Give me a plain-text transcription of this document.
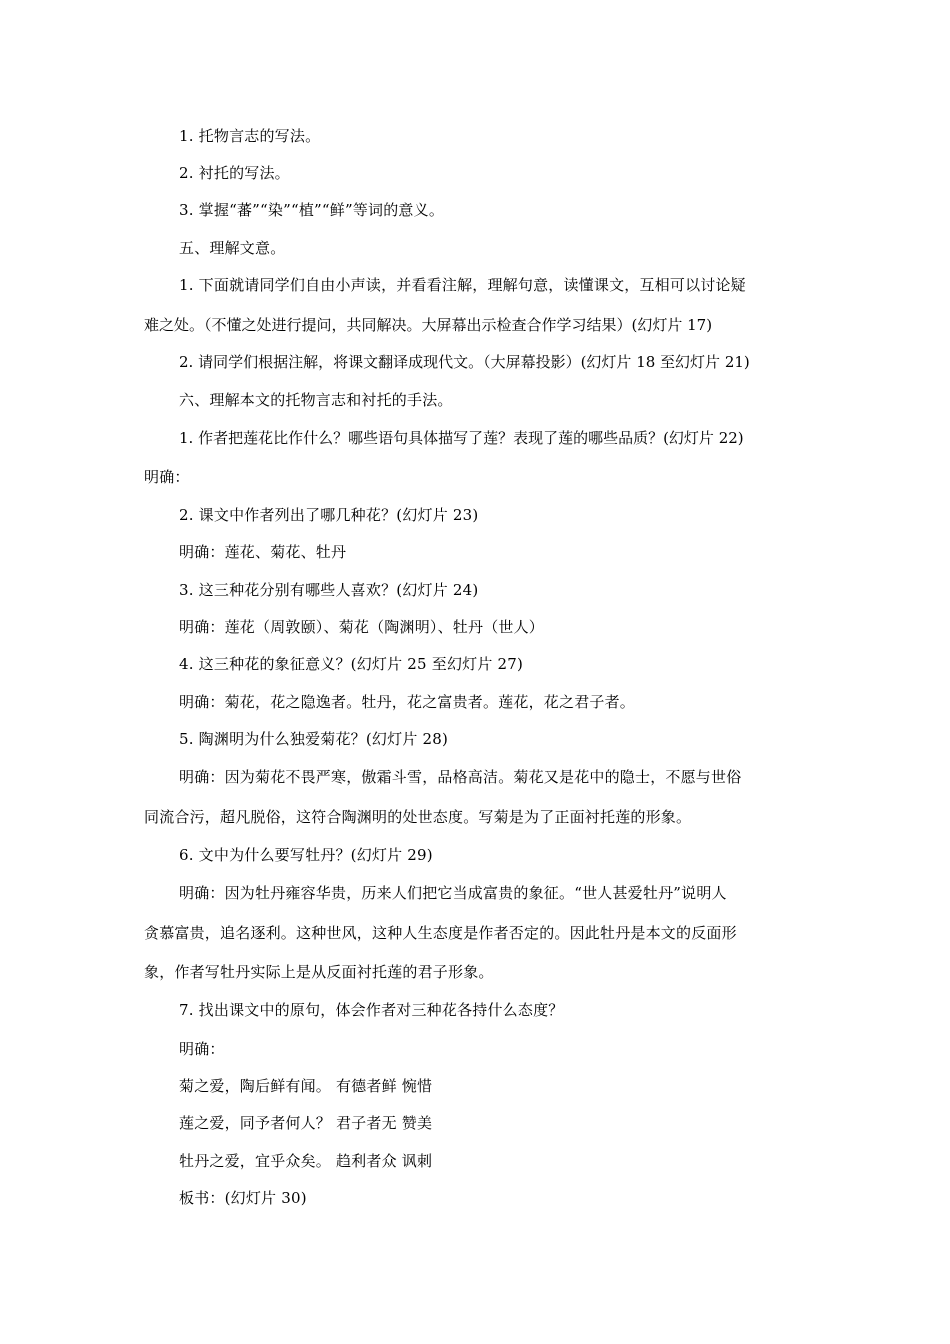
1. 托物言志的写法。
2. 衬托的写法。
3. 掌握“蕃”“染”“植”“鲜”等词的意义。
五、理解文意。
1. 下面就请同学们自由小声读，并看看注解，理解句意，读懂课文，互相可以讨论疑
难之处。（不懂之处进行提问，共同解决。大屏幕出示检查合作学习结果）(幻灯片 17)
2. 请同学们根据注解，将课文翻译成现代文。（大屏幕投影）(幻灯片 18 至幻灯片 21)
六、理解本文的托物言志和衬托的手法。
1. 作者把莲花比作什么？哪些语句具体描写了莲？表现了莲的哪些品质？(幻灯片 22)
明确：
2. 课文中作者列出了哪几种花？(幻灯片 23)
明确：莲花、菊花、牡丹
3. 这三种花分别有哪些人喜欢？(幻灯片 24)
明确：莲花（周敦颐）、菊花（陶渊明）、牡丹（世人）
4. 这三种花的象征意义？(幻灯片 25 至幻灯片 27)
明确：菊花，花之隐逸者。牡丹，花之富贵者。莲花，花之君子者。
5. 陶渊明为什么独爱菊花？(幻灯片 28)
明确：因为菊花不畏严寒，傲霜斗雪，品格高洁。菊花又是花中的隐士，不愿与世俗
同流合污，超凡脱俗，这符合陶渊明的处世态度。写菊是为了正面衬托莲的形象。
6. 文中为什么要写牡丹？(幻灯片 29)
明确：因为牡丹雍容华贵，历来人们把它当成富贵的象征。“世人甚爱牡丹”说明人
贪慕富贵，追名逐利。这种世风，这种人生态度是作者否定的。因此牡丹是本文的反面形
象，作者写牡丹实际上是从反面衬托莲的君子形象。
7. 找出课文中的原句，体会作者对三种花各持什么态度？
明确：
菊之爱，陶后鲜有闻。 有德者鲜 惋惜
莲之爱，同予者何人？ 君子者无 赞美
牡丹之爱，宜乎众矣。 趋利者众 讽刺
板书：(幻灯片 30)
